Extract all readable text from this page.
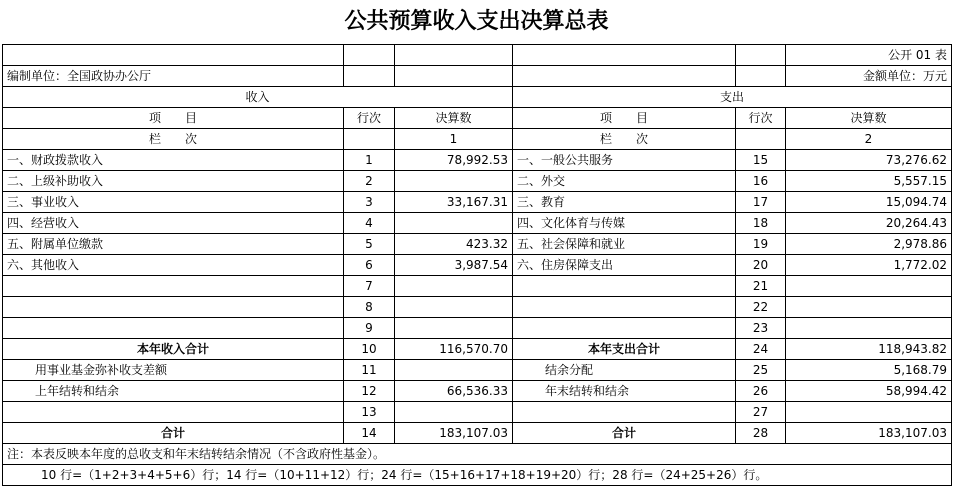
公共预算收入支出决算总表
					公开 01 表
编制单位：全国政协办公厅					金额单位：万元
收入			支出		
项　　目	行次	决算数	项　　目	行次	决算数
栏　　次		1	栏　　次		2
一、财政拨款收入	1	78,992.53	一、一般公共服务	15	73,276.62
二、上级补助收入	2		二、外交	16	5,557.15
三、事业收入	3	33,167.31	三、教育	17	15,094.74
四、经营收入	4		四、文化体育与传媒	18	20,264.43
五、附属单位缴款	5	423.32	五、社会保障和就业	19	2,978.86
六、其他收入	6	3,987.54	六、住房保障支出	20	1,772.02
	7			21	
	8			22	
	9			23	
本年收入合计	10	116,570.70	本年支出合计	24	118,943.82
用事业基金弥补收支差额	11		结余分配	25	5,168.79
上年结转和结余	12	66,536.33	年末结转和结余	26	58,994.42
	13			27	
合计	14	183,107.03	合计	28	183,107.03
注：本表反映本年度的总收支和年末结转结余情况（不含政府性基金）。					
10 行=（1+2+3+4+5+6）行；14 行=（10+11+12）行；24 行=（15+16+17+18+19+20）行；28 行=（24+25+26）行。					
